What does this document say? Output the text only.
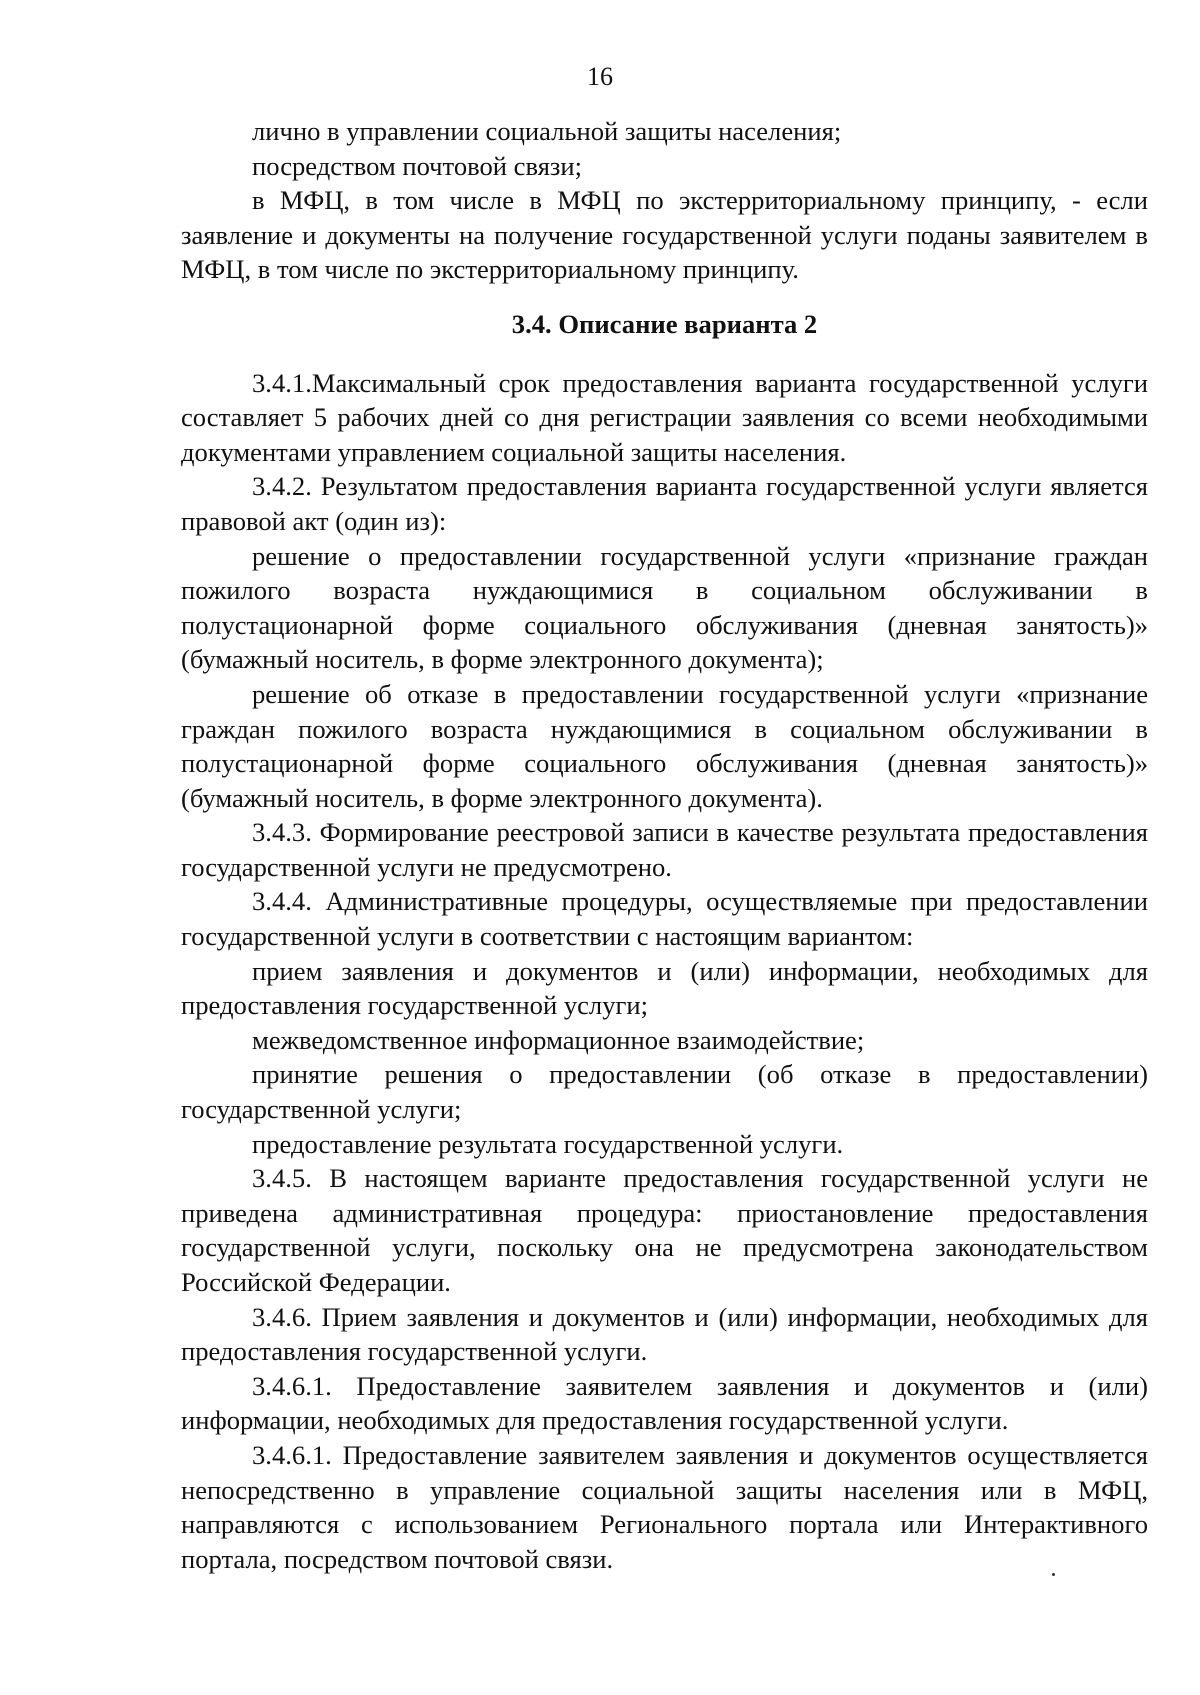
16

лично в управлении социальной защиты населения;

посредством почтовой связи;

в МФЦ, в том числе в МФЦ по экстерриториальному принципу, - если заявление и документы на получение государственной услуги поданы заявителем в МФЦ, в том числе по экстерриториальному принципу.

3.4. Описание варианта 2

3.4.1.Максимальный срок предоставления варианта государственной услуги составляет 5 рабочих дней со дня регистрации заявления со всеми необходимыми документами управлением социальной защиты населения.

3.4.2. Результатом предоставления варианта государственной услуги является правовой акт (один из):

решение о предоставлении государственной услуги «признание граждан пожилого возраста нуждающимися в социальном обслуживании в полустационарной форме социального обслуживания (дневная занятость)» (бумажный носитель, в форме электронного документа);

решение об отказе в предоставлении государственной услуги «признание граждан пожилого возраста нуждающимися в социальном обслуживании в полустационарной форме социального обслуживания (дневная занятость)» (бумажный носитель, в форме электронного документа).

3.4.3. Формирование реестровой записи в качестве результата предоставления государственной услуги не предусмотрено.

3.4.4. Административные процедуры, осуществляемые при предоставлении государственной услуги в соответствии с настоящим вариантом:

прием заявления и документов и (или) информации, необходимых для предоставления государственной услуги;

межведомственное информационное взаимодействие;

принятие решения о предоставлении (об отказе в предоставлении) государственной услуги;

предоставление результата государственной услуги.

3.4.5. В настоящем варианте предоставления государственной услуги не приведена административная процедура: приостановление предоставления государственной услуги, поскольку она не предусмотрена законодательством Российской Федерации.

3.4.6. Прием заявления и документов и (или) информации, необходимых для предоставления государственной услуги.

3.4.6.1. Предоставление заявителем заявления и документов и (или) информации, необходимых для предоставления государственной услуги.

3.4.6.1. Предоставление заявителем заявления и документов осуществляется непосредственно в управление социальной защиты населения или в МФЦ, направляются с использованием Регионального портала или Интерактивного портала, посредством почтовой связи.
